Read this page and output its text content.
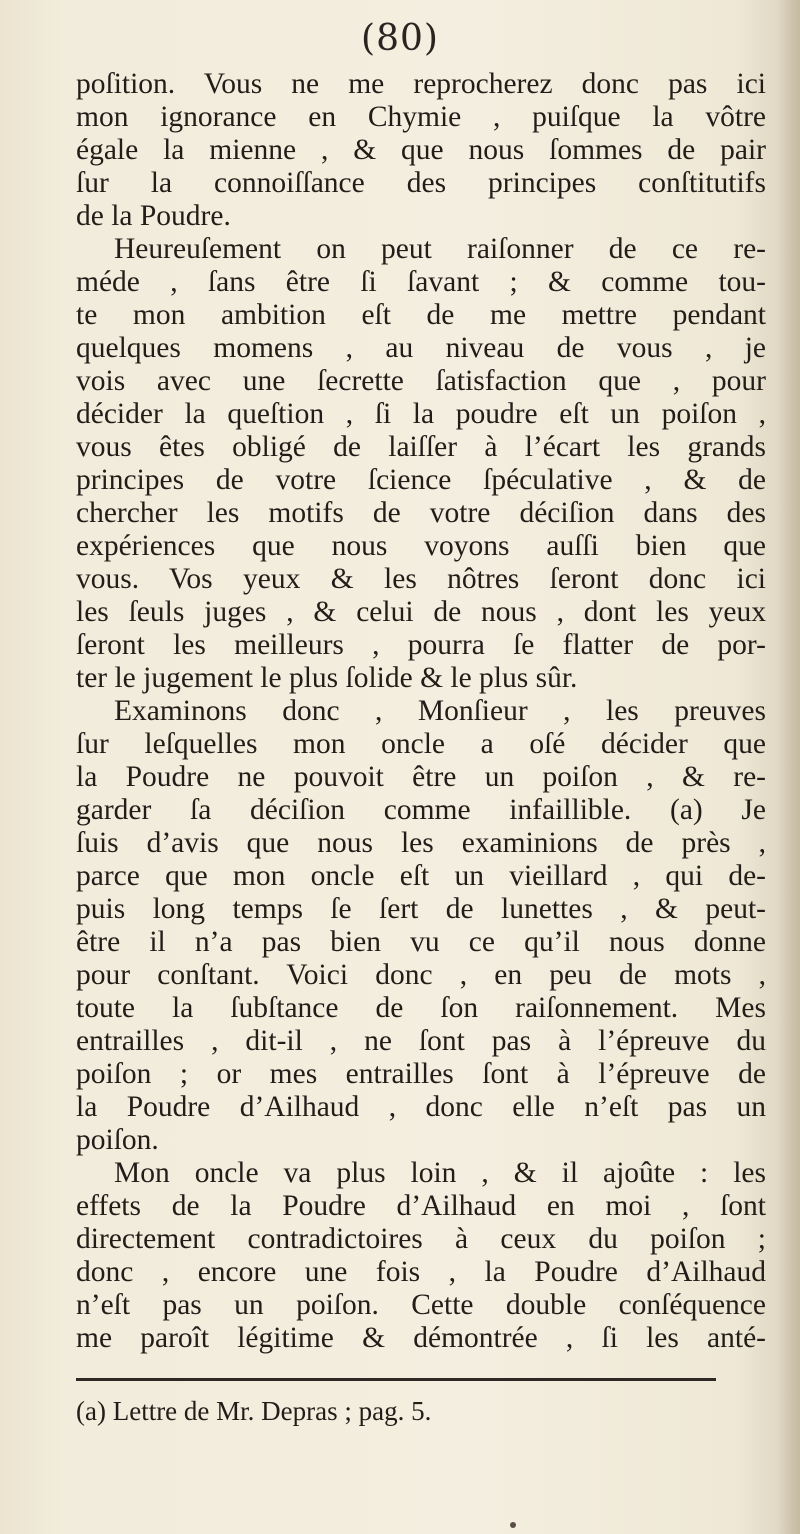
(80)
poſition. Vous ne me reprocherez donc pas ici
mon ignorance en Chymie , puiſque la vôtre
égale la mienne , & que nous ſommes de pair
ſur la connoiſſance des principes conſtitutifs
de la Poudre.
Heureuſement on peut raiſonner de ce re-
méde , ſans être ſi ſavant ; & comme tou-
te mon ambition eſt de me mettre pendant
quelques momens , au niveau de vous , je
vois avec une ſecrette ſatisfaction que , pour
décider la queſtion , ſi la poudre eſt un poiſon ,
vous êtes obligé de laiſſer à l’écart les grands
principes de votre ſcience ſpéculative , & de
chercher les motifs de votre déciſion dans des
expériences que nous voyons auſſi bien que
vous. Vos yeux & les nôtres ſeront donc ici
les ſeuls juges , & celui de nous , dont les yeux
ſeront les meilleurs , pourra ſe flatter de por-
ter le jugement le plus ſolide & le plus sûr.
Examinons donc , Monſieur , les preuves
ſur leſquelles mon oncle a oſé décider que
la Poudre ne pouvoit être un poiſon , & re-
garder ſa déciſion comme infaillible. (a) Je
ſuis d’avis que nous les examinions de près ,
parce que mon oncle eſt un vieillard , qui de-
puis long temps ſe ſert de lunettes , & peut-
être il n’a pas bien vu ce qu’il nous donne
pour conſtant. Voici donc , en peu de mots ,
toute la ſubſtance de ſon raiſonnement. Mes
entrailles , dit-il , ne ſont pas à l’épreuve du
poiſon ; or mes entrailles ſont à l’épreuve de
la Poudre d’Ailhaud , donc elle n’eſt pas un
poiſon.
Mon oncle va plus loin , & il ajoûte : les
effets de la Poudre d’Ailhaud en moi , ſont
directement contradictoires à ceux du poiſon ;
donc , encore une fois , la Poudre d’Ailhaud
n’eſt pas un poiſon. Cette double conſéquence
me paroît légitime & démontrée , ſi les anté-
(a) Lettre de Mr. Depras ; pag. 5.
